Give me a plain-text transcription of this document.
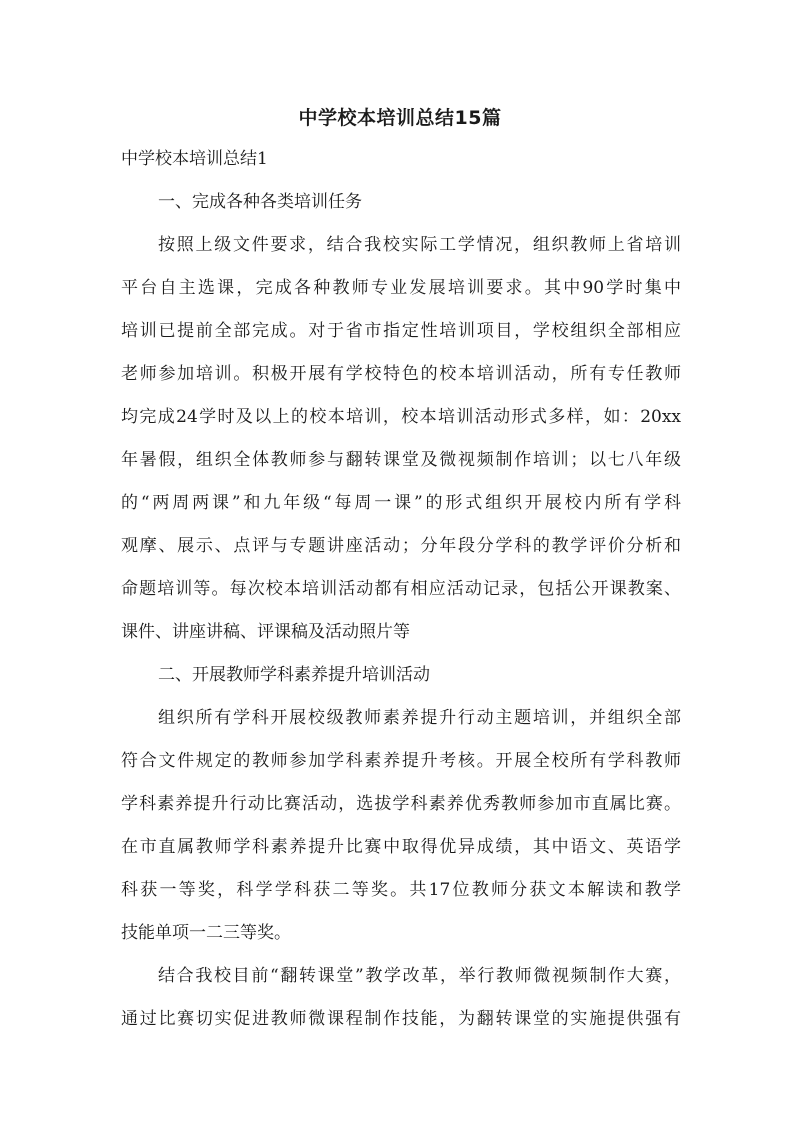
中学校本培训总结15篇
中学校本培训总结1
一、完成各种各类培训任务
按照上级文件要求，结合我校实际工学情况，组织教师上省培训
平台自主选课，完成各种教师专业发展培训要求。其中90学时集中
培训已提前全部完成。对于省市指定性培训项目，学校组织全部相应
老师参加培训。积极开展有学校特色的校本培训活动，所有专任教师
均完成24学时及以上的校本培训，校本培训活动形式多样，如：20xx
年暑假，组织全体教师参与翻转课堂及微视频制作培训；以七八年级
的“两周两课”和九年级“每周一课”的形式组织开展校内所有学科
观摩、展示、点评与专题讲座活动；分年段分学科的教学评价分析和
命题培训等。每次校本培训活动都有相应活动记录，包括公开课教案、
课件、讲座讲稿、评课稿及活动照片等
二、开展教师学科素养提升培训活动
组织所有学科开展校级教师素养提升行动主题培训，并组织全部
符合文件规定的教师参加学科素养提升考核。开展全校所有学科教师
学科素养提升行动比赛活动，选拔学科素养优秀教师参加市直属比赛。
在市直属教师学科素养提升比赛中取得优异成绩，其中语文、英语学
科获一等奖，科学学科获二等奖。共17位教师分获文本解读和教学
技能单项一二三等奖。
结合我校目前“翻转课堂”教学改革，举行教师微视频制作大赛，
通过比赛切实促进教师微课程制作技能，为翻转课堂的实施提供强有
